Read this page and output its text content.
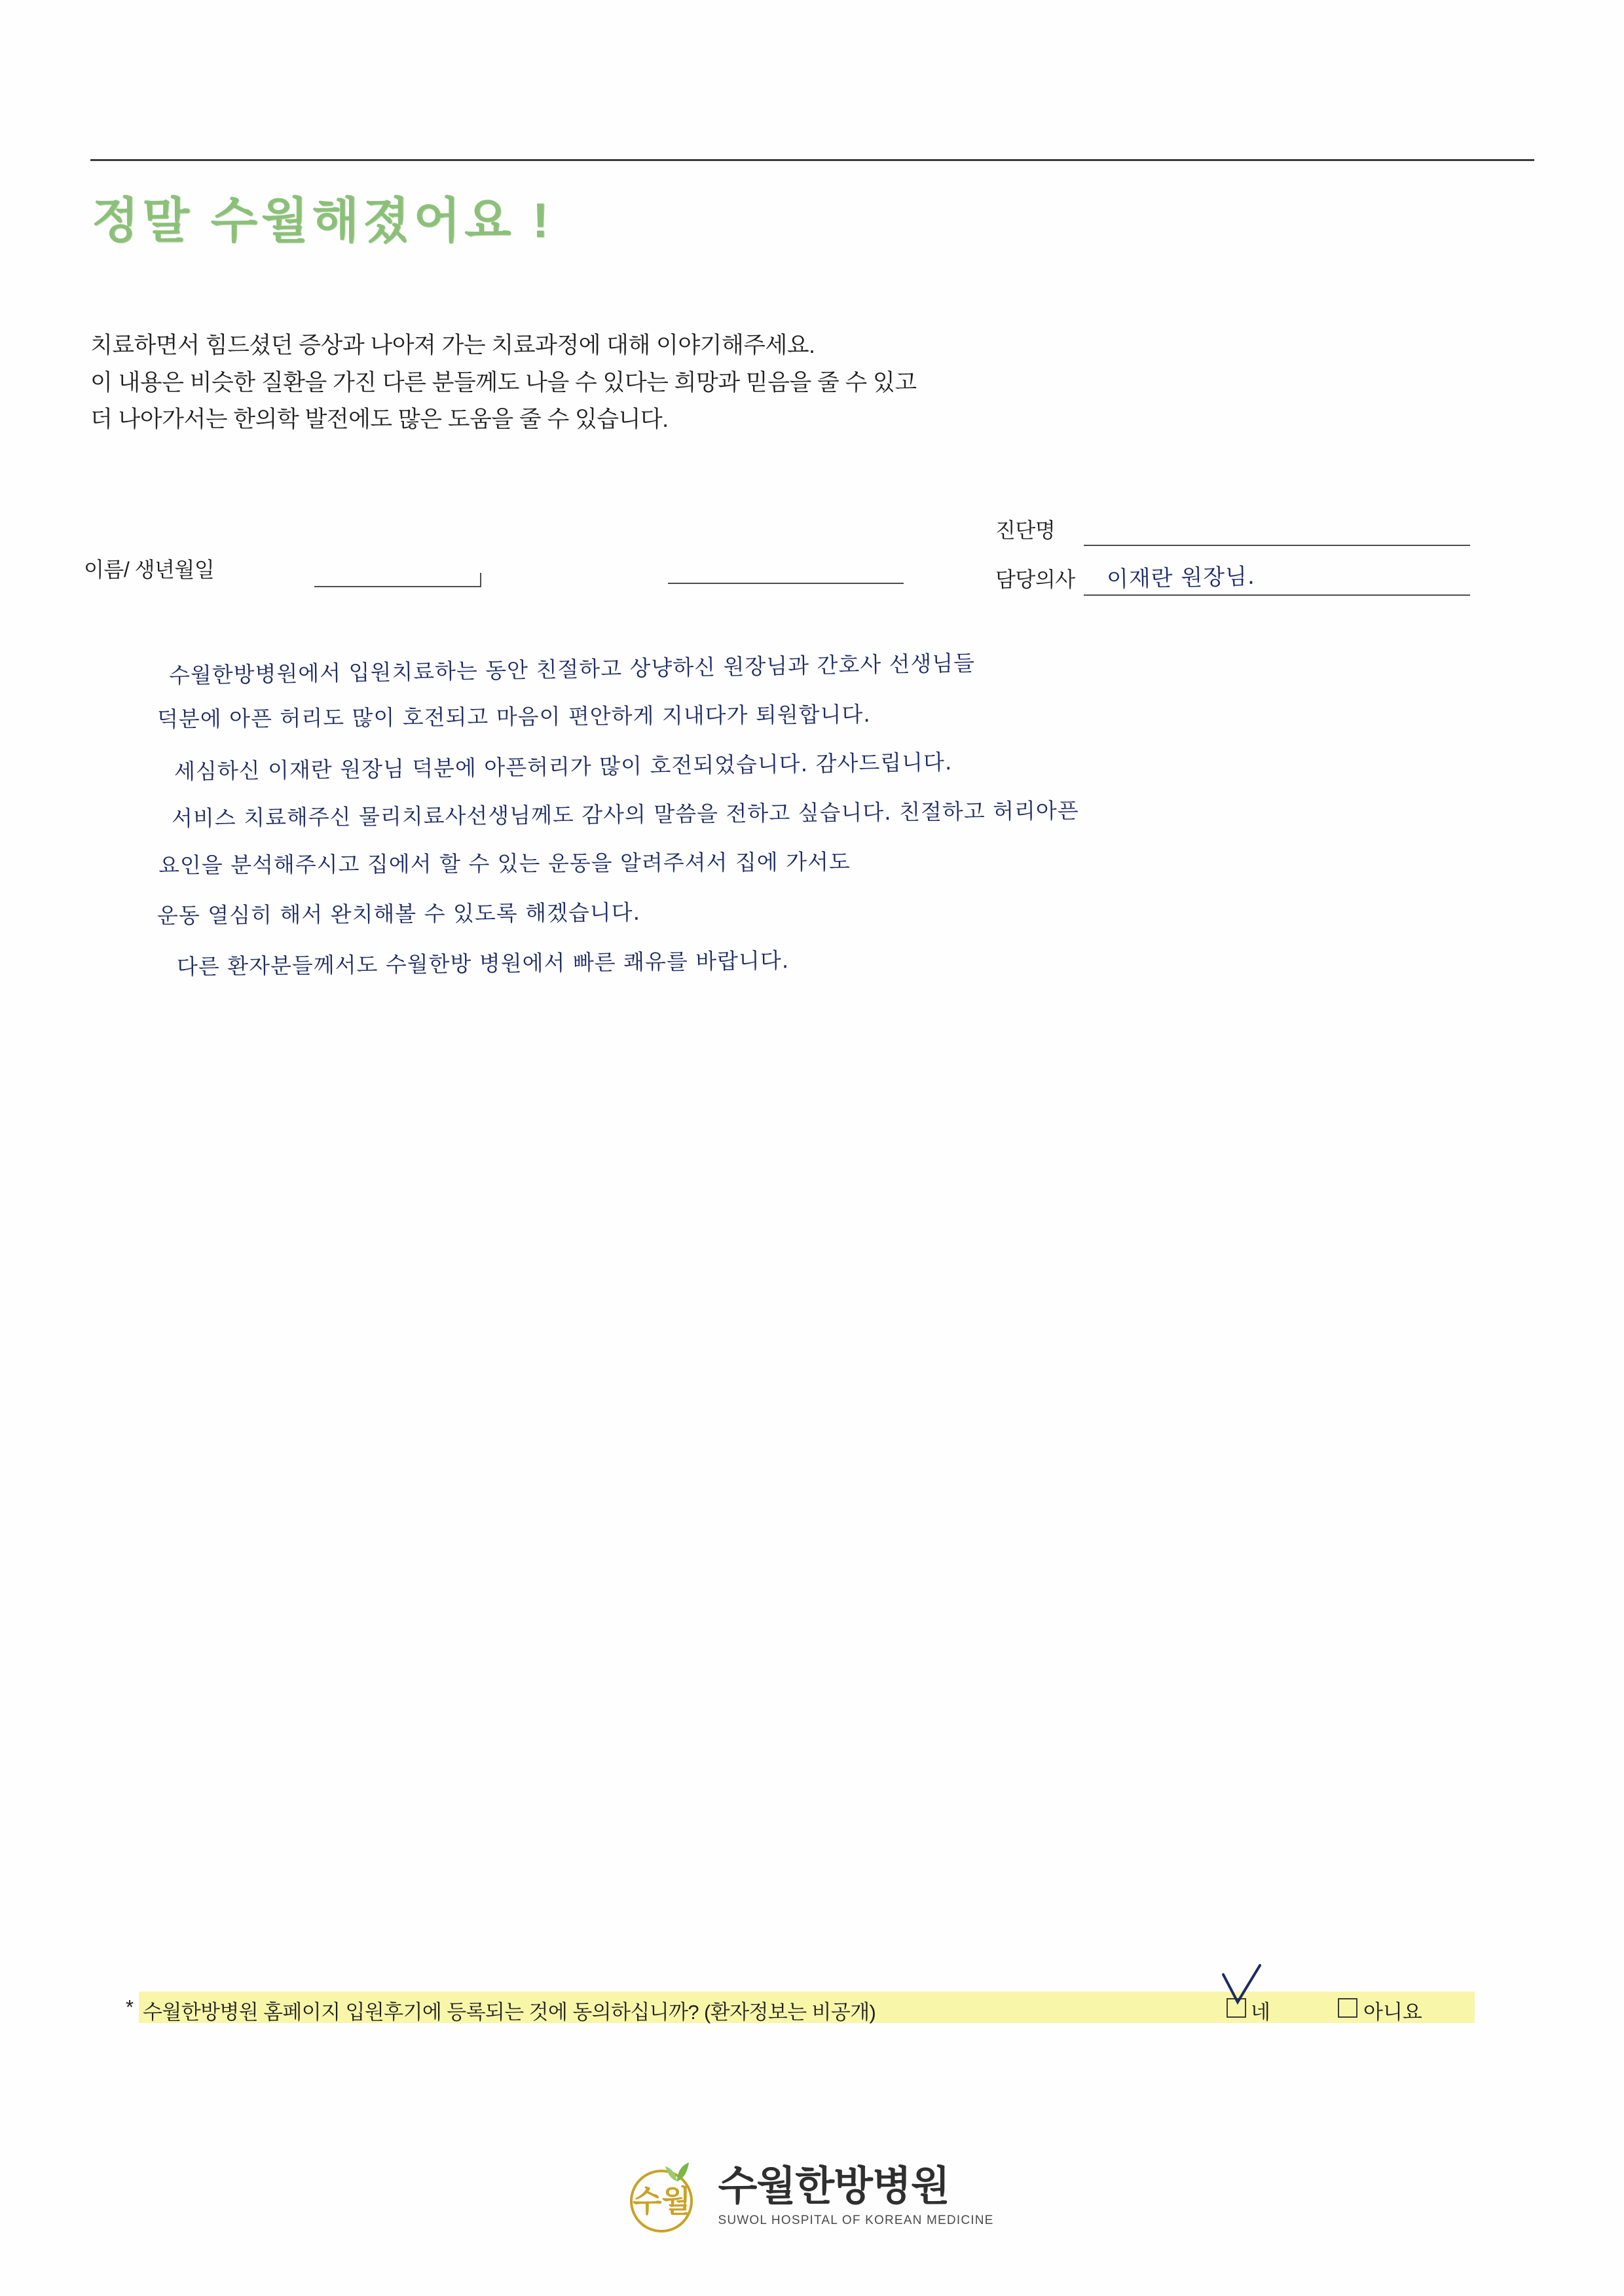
정말 수월해졌어요 !
치료하면서 힘드셨던 증상과 나아져 가는 치료과정에 대해 이야기해주세요.
이 내용은 비슷한 질환을 가진 다른 분들께도 나을 수 있다는 희망과 믿음을 줄 수 있고
더 나아가서는 한의학 발전에도 많은 도움을 줄 수 있습니다.
이름/ 생년월일
진단명
담당의사 이재란 원장님.
수월한방병원에서 입원치료하는 동안 친절하고 상냥하신 원장님과 간호사 선생님들
덕분에 아픈 허리도 많이 호전되고 마음이 편안하게 지내다가 퇴원합니다.
세심하신 이재란 원장님 덕분에 아픈허리가 많이 호전되었습니다. 감사드립니다.
서비스 치료해주신 물리치료사선생님께도 감사의 말씀을 전하고 싶습니다. 친절하고 허리아픈
요인을 분석해주시고 집에서 할 수 있는 운동을 알려주셔서 집에 가서도
운동 열심히 해서 완치해볼 수 있도록 해겠습니다.
다른 환자분들께서도 수월한방 병원에서 빠른 쾌유를 바랍니다.
* 수월한방병원 홈페이지 입원후기에 등록되는 것에 동의하십니까? (환자정보는 비공개)	네	아니요
수월 수월한방병원
SUWOL HOSPITAL OF KOREAN MEDICINE
